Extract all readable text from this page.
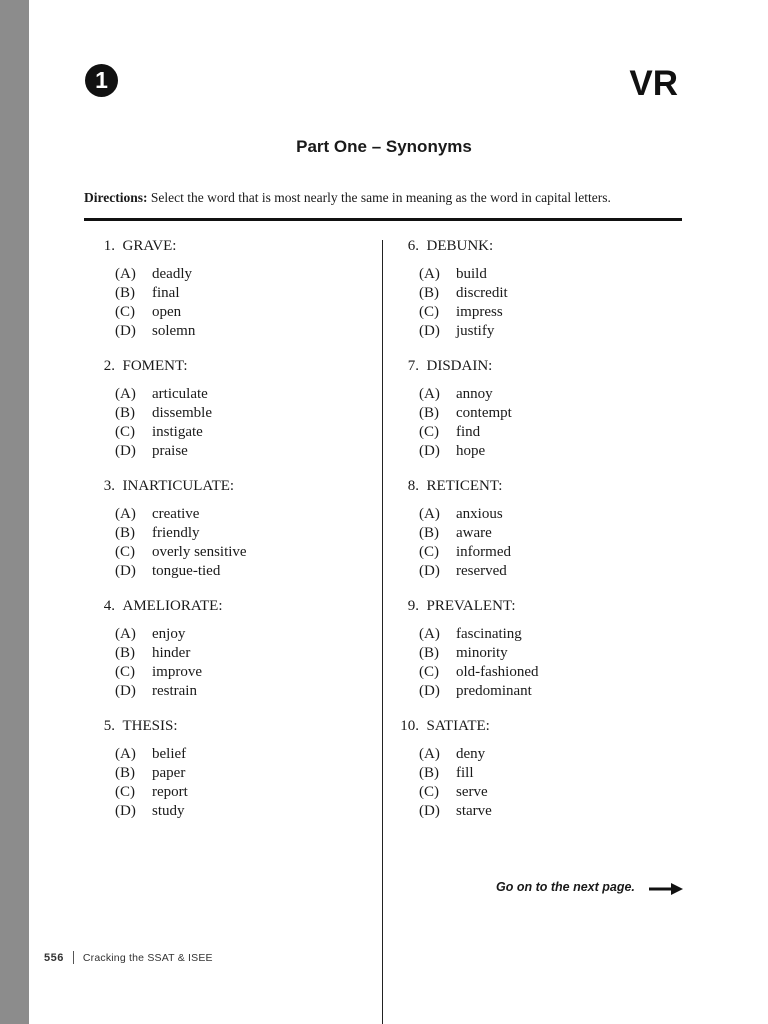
1	VR
Part One – Synonyms
Directions: Select the word that is most nearly the same in meaning as the word in capital letters.
1.
GRAVE:
(A)	deadly
(B)	final
(C)	open
(D)	solemn
2.
FOMENT:
(A)	articulate
(B)	dissemble
(C)	instigate
(D)	praise
3.
INARTICULATE:
(A)	creative
(B)	friendly
(C)	overly sensitive
(D)	tongue-tied
4.
AMELIORATE:
(A)	enjoy
(B)	hinder
(C)	improve
(D)	restrain
5.
THESIS:
(A)	belief
(B)	paper
(C)	report
(D)	study
6.
DEBUNK:
(A)	build
(B)	discredit
(C)	impress
(D)	justify
7.
DISDAIN:
(A)	annoy
(B)	contempt
(C)	find
(D)	hope
8.
RETICENT:
(A)	anxious
(B)	aware
(C)	informed
(D)	reserved
9.
PREVALENT:
(A)	fascinating
(B)	minority
(C)	old-fashioned
(D)	predominant
10.
SATIATE:
(A)	deny
(B)	fill
(C)	serve
(D)	starve
Go on to the next page.
556 Cracking the SSAT & ISEE
